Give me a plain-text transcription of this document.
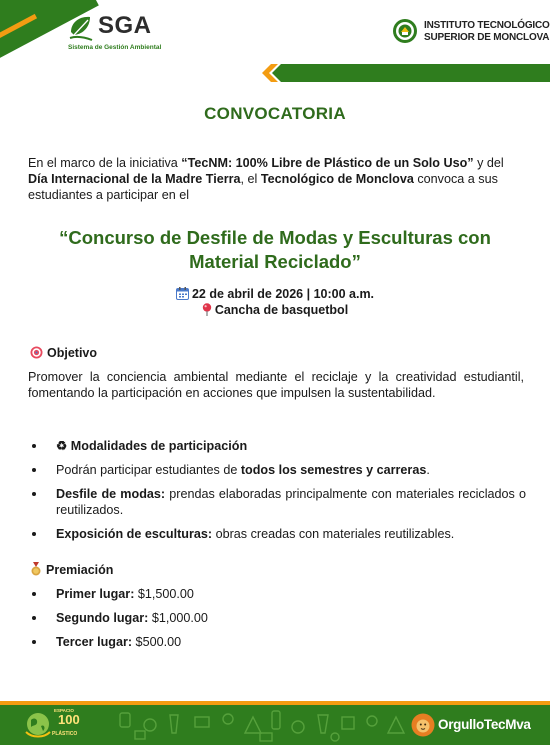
SGA
Sistema de Gestión Ambiental
INSTITUTO TECNOLÓGICO
SUPERIOR DE MONCLOVA
CONVOCATORIA
En el marco de la iniciativa “TecNM: 100% Libre de Plástico de un Solo Uso” y del Día Internacional de la Madre Tierra, el Tecnológico de Monclova convoca a sus estudiantes a participar en el
“Concurso de Desfile de Modas y Esculturas con Material Reciclado”
22 de abril de 2026 | 10:00 a.m.
Cancha de basquetbol
Objetivo
Promover la conciencia ambiental mediante el reciclaje y la creatividad estudiantil, fomentando la participación en acciones que impulsen la sustentabilidad.
♻ Modalidades de participación
Podrán participar estudiantes de todos los semestres y carreras.
Desfile de modas: prendas elaboradas principalmente con materiales reciclados o reutilizados.
Exposición de esculturas: obras creadas con materiales reutilizables.
Premiación
Primer lugar: $1,500.00
Segundo lugar: $1,000.00
Tercer lugar: $500.00
ESPACIO
100
PLÁSTICO
OrgulloTecMva
